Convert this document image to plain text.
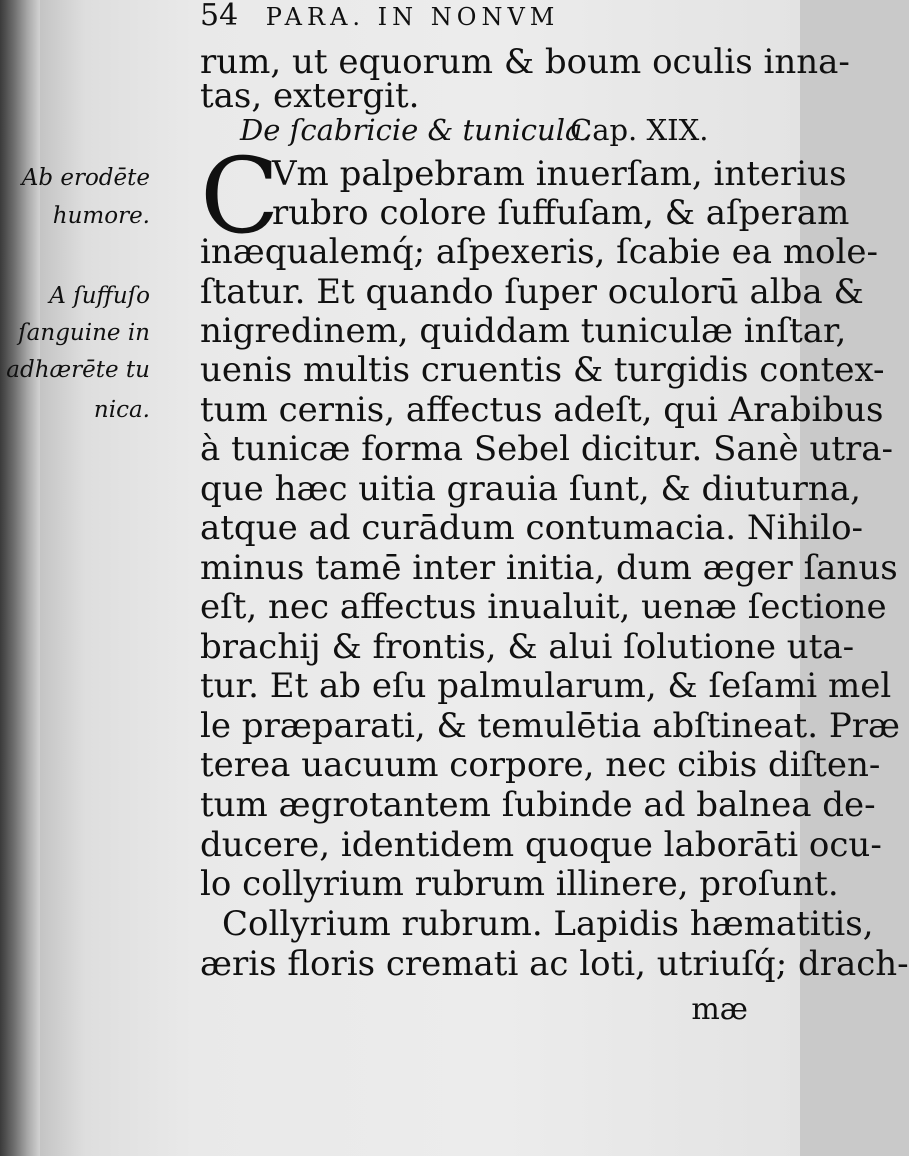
54 PARA. IN NONVM
rum, ut equorum & boum oculis inna-
tas, extergit.
De ſcabricie & tunicula.
Cap. XIX.
C
Vm palpebram inuerſam, interius
rubro colore ſuffuſam, & aſperam
inæqualemq́; aſpexeris, ſcabie ea mole-
ſtatur. Et quando ſuper oculorū alba &
nigredinem, quiddam tuniculæ inſtar,
uenis multis cruentis & turgidis contex-
tum cernis, affectus adeſt, qui Arabibus
à tunicæ forma Sebel dicitur. Sanè utra-
que hæc uitia grauia ſunt, & diuturna,
atque ad curādum contumacia. Nihilo-
minus tamē inter initia, dum æger ſanus
eſt, nec affectus inualuit, uenæ ſectione
brachij & frontis, & alui ſolutione uta-
tur. Et ab eſu palmularum, & ſeſami mel
le præparati, & temulētia abſtineat. Præ
terea uacuum corpore, nec cibis diſten-
tum ægrotantem ſubinde ad balnea de-
ducere, identidem quoque laborāti ocu-
lo collyrium rubrum illinere, proſunt.
Collyrium rubrum. Lapidis hæmatitis,
æris floris cremati ac loti, utriuſq́; drach-
mæ
Ab erodēte
humore.
A ſuffuſo
ſanguine in
adhærēte tu
nica.
